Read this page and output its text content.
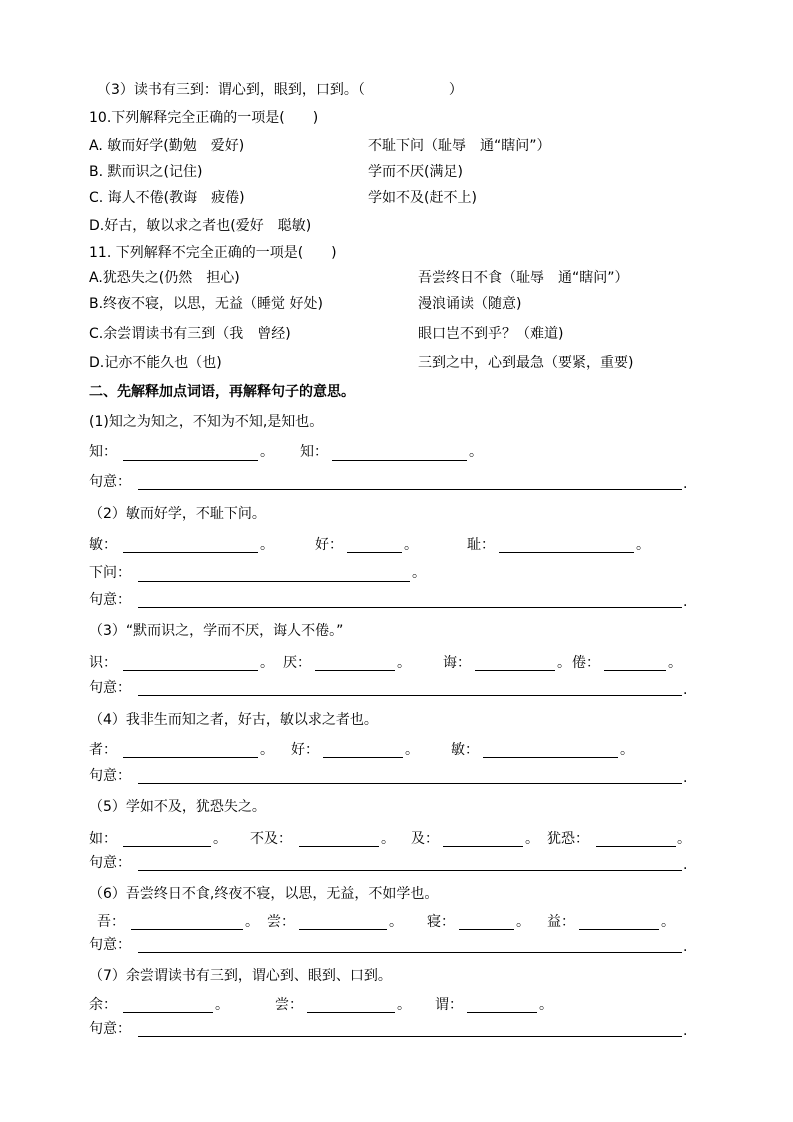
（3）读书有三到：谓心到，眼到，口到。（　　　　　　）
10.下列解释完全正确的一项是(　　)
A. 敏而好学(勤勉　爱好)	不耻下问（耻辱　通“瞎问”）
B. 默而识之(记住)	学而不厌(满足)
C. 诲人不倦(教诲　疲倦)	学如不及(赶不上)
D.好古，敏以求之者也(爱好　聪敏)
11. 下列解释不完全正确的一项是(　　)
A.犹恐失之(仍然　担心)	吾尝终日不食（耻辱　通“瞎问”）
B.终夜不寝，以思，无益（睡觉 好处)	漫浪诵读（随意)
C.余尝谓读书有三到（我　曾经)	眼口岂不到乎？（难道)
D.记亦不能久也（也)	三到之中，心到最急（要紧，重要)
二、先解释加点词语，再解释句子的意思。
(1)知之为知之，不知为不知,是知也。
知：	。 知：	。
句意：	.
（2）敏而好学，不耻下问。
敏：	。	好：	。	耻：	。
下问：	。
句意：	.
（3）“默而识之，学而不厌，诲人不倦。”
识：	。 厌：	。 诲：	。 倦：	。
句意：	.
（4）我非生而知之者，好古，敏以求之者也。
者：	。 好：	。 敏：	。
句意：	.
（5）学如不及，犹恐失之。
如：	。 不及：	。 及：	。 犹恐：	。
句意：	.
（6）吾尝终日不食,终夜不寝，以思，无益，不如学也。
吾：	。 尝：	。 寝：	。 益：	。
句意：	.
（7）余尝谓读书有三到，谓心到、眼到、口到。
余：	。	尝：	。 谓：	。
句意：	.
